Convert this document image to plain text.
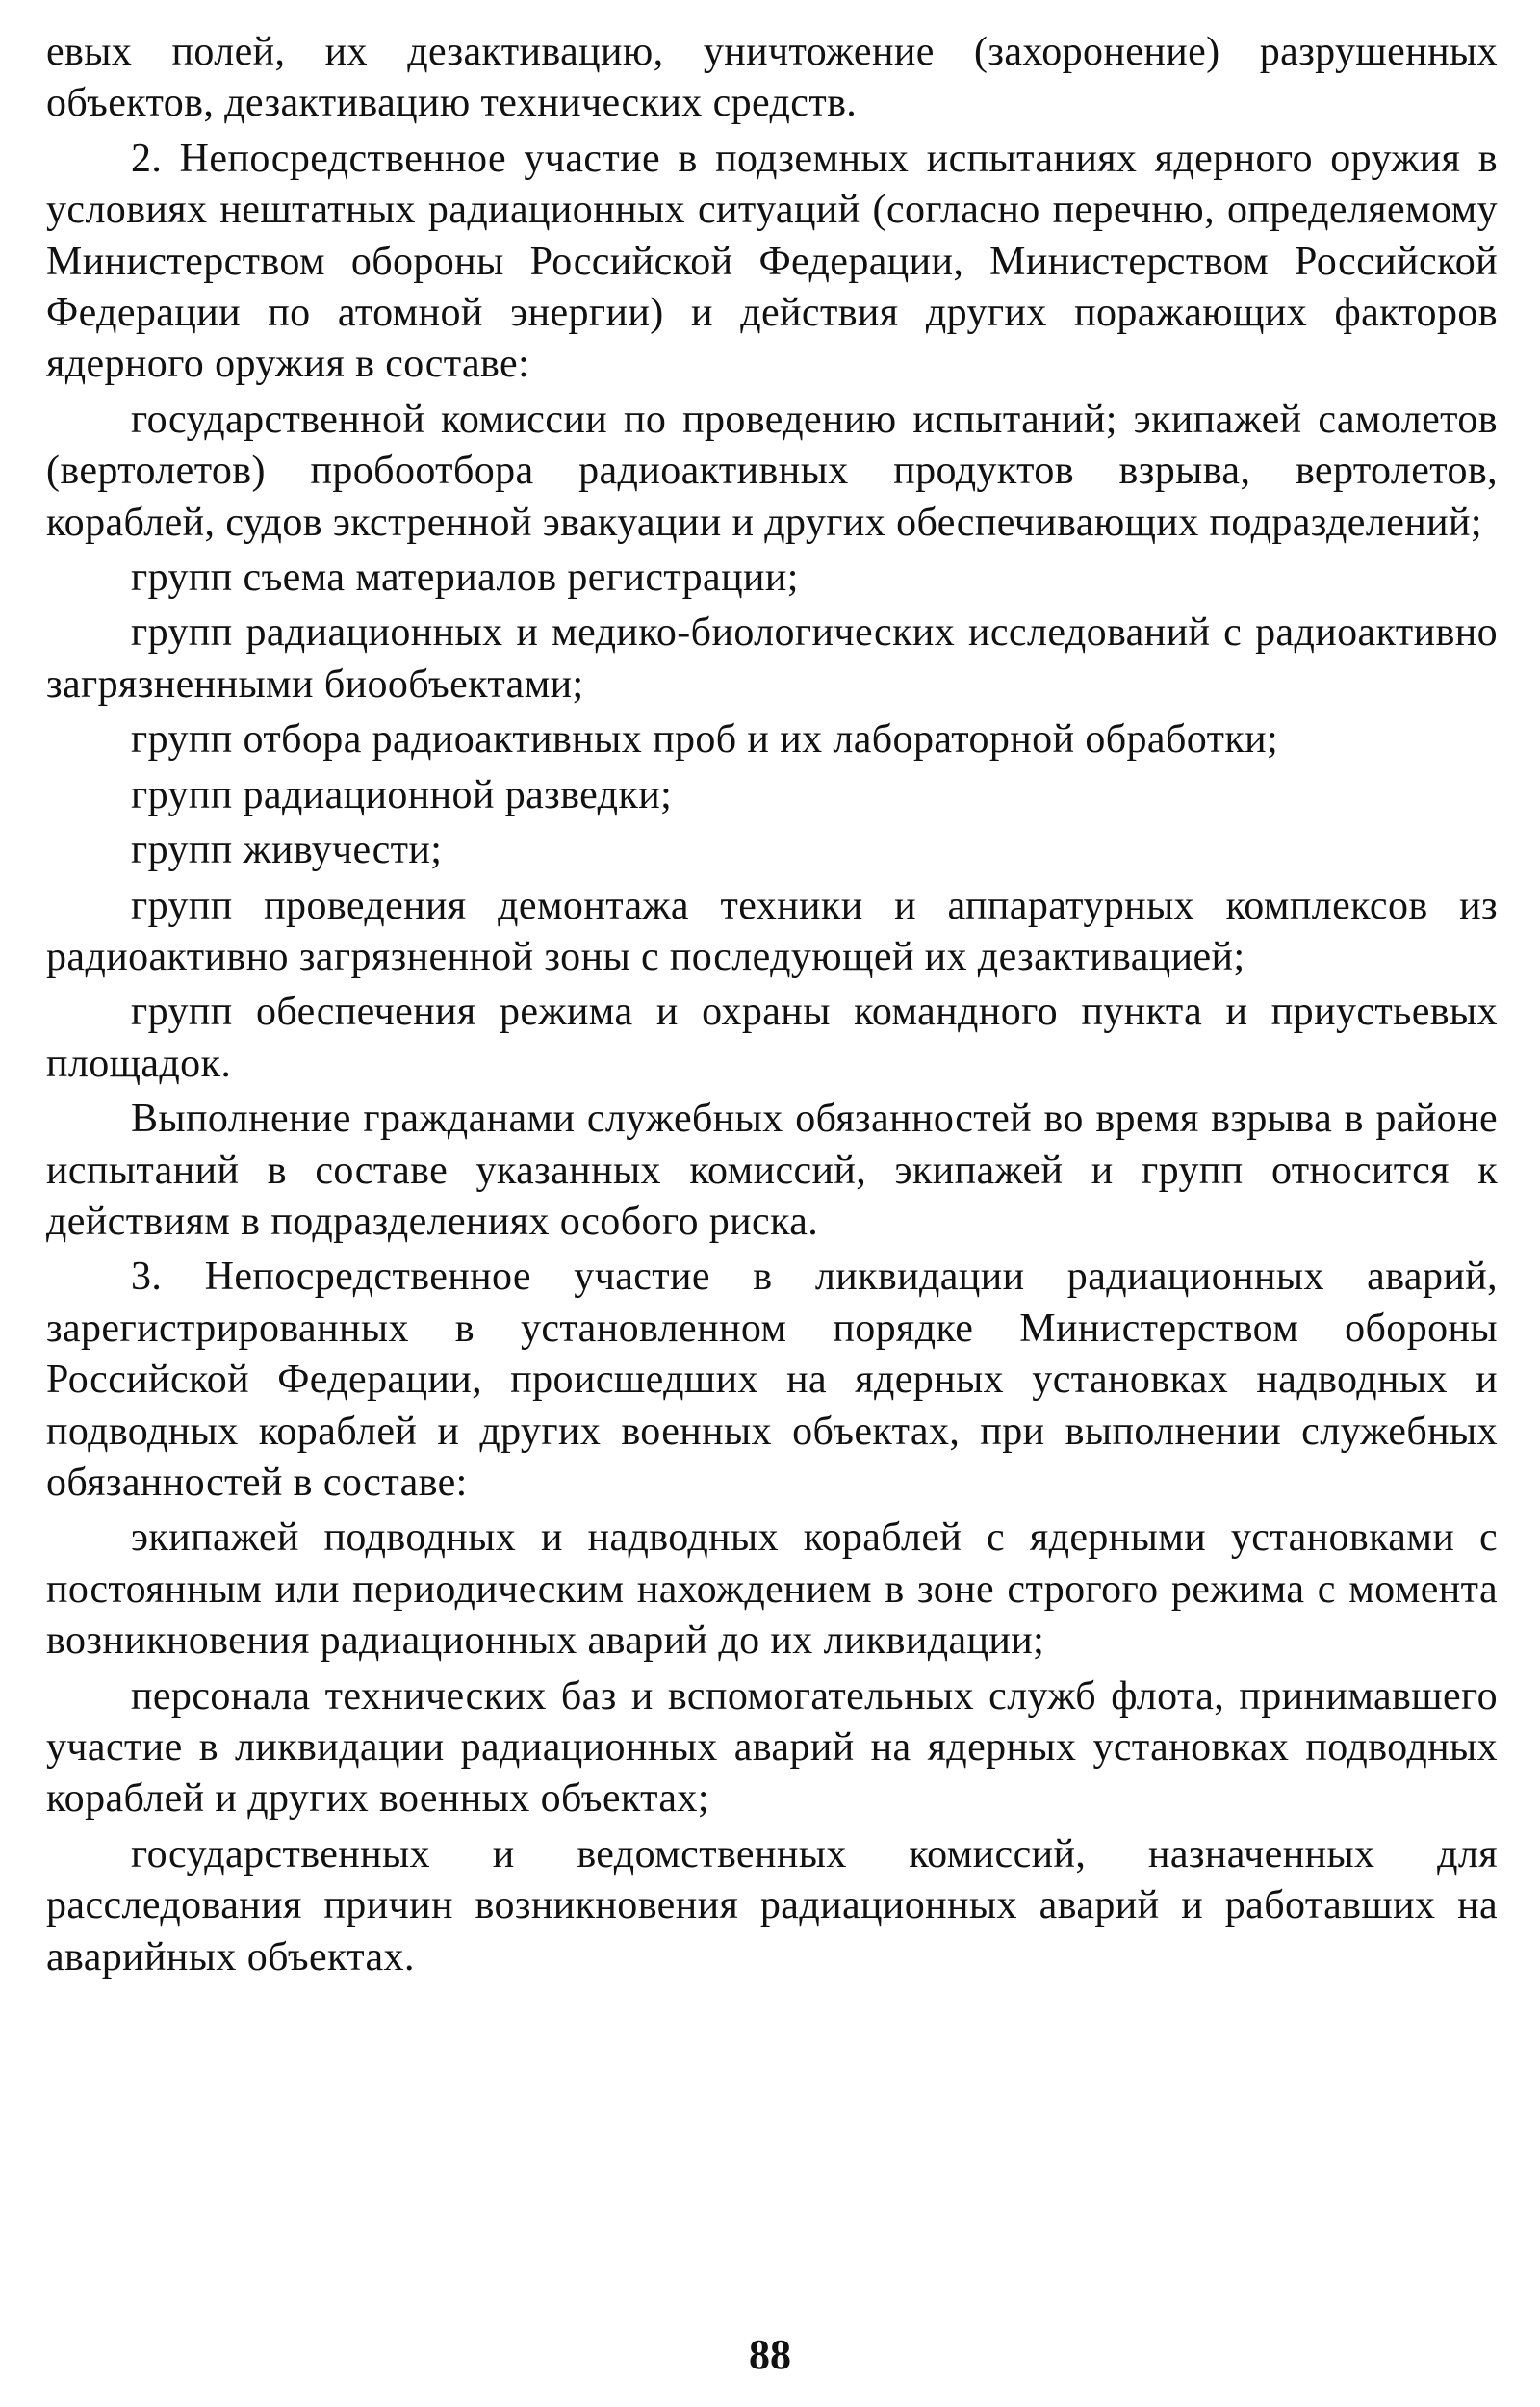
евых полей, их дезактивацию, уничтожение (захоронение) разрушенных объектов, дезактивацию технических средств.

2. Непосредственное участие в подземных испытаниях ядерного оружия в условиях нештатных радиационных ситуаций (согласно перечню, определяемому Министерством обороны Российской Федерации, Министерством Российской Федерации по атомной энергии) и действия других поражающих факторов ядерного оружия в составе:

государственной комиссии по проведению испытаний; экипажей самолетов (вертолетов) пробоотбора радиоактивных продуктов взрыва, вертолетов, кораблей, судов экстренной эвакуации и других обеспечивающих подразделений;

групп съема материалов регистрации;

групп радиационных и медико-биологических исследований с радиоактивно загрязненными биообъектами;

групп отбора радиоактивных проб и их лабораторной обработки;

групп радиационной разведки;

групп живучести;

групп проведения демонтажа техники и аппаратурных комплексов из радиоактивно загрязненной зоны с последующей их дезактивацией;

групп обеспечения режима и охраны командного пункта и приустьевых площадок.

Выполнение гражданами служебных обязанностей во время взрыва в районе испытаний в составе указанных комиссий, экипажей и групп относится к действиям в подразделениях особого риска.

3. Непосредственное участие в ликвидации радиационных аварий, зарегистрированных в установленном порядке Министерством обороны Российской Федерации, происшедших на ядерных установках надводных и подводных кораблей и других военных объектах, при выполнении служебных обязанностей в составе:

экипажей подводных и надводных кораблей с ядерными установками с постоянным или периодическим нахождением в зоне строгого режима с момента возникновения радиационных аварий до их ликвидации;

персонала технических баз и вспомогательных служб флота, принимавшего участие в ликвидации радиационных аварий на ядерных установках подводных кораблей и других военных объектах;

государственных и ведомственных комиссий, назначенных для расследования причин возникновения радиационных аварий и работавших на аварийных объектах.

88
